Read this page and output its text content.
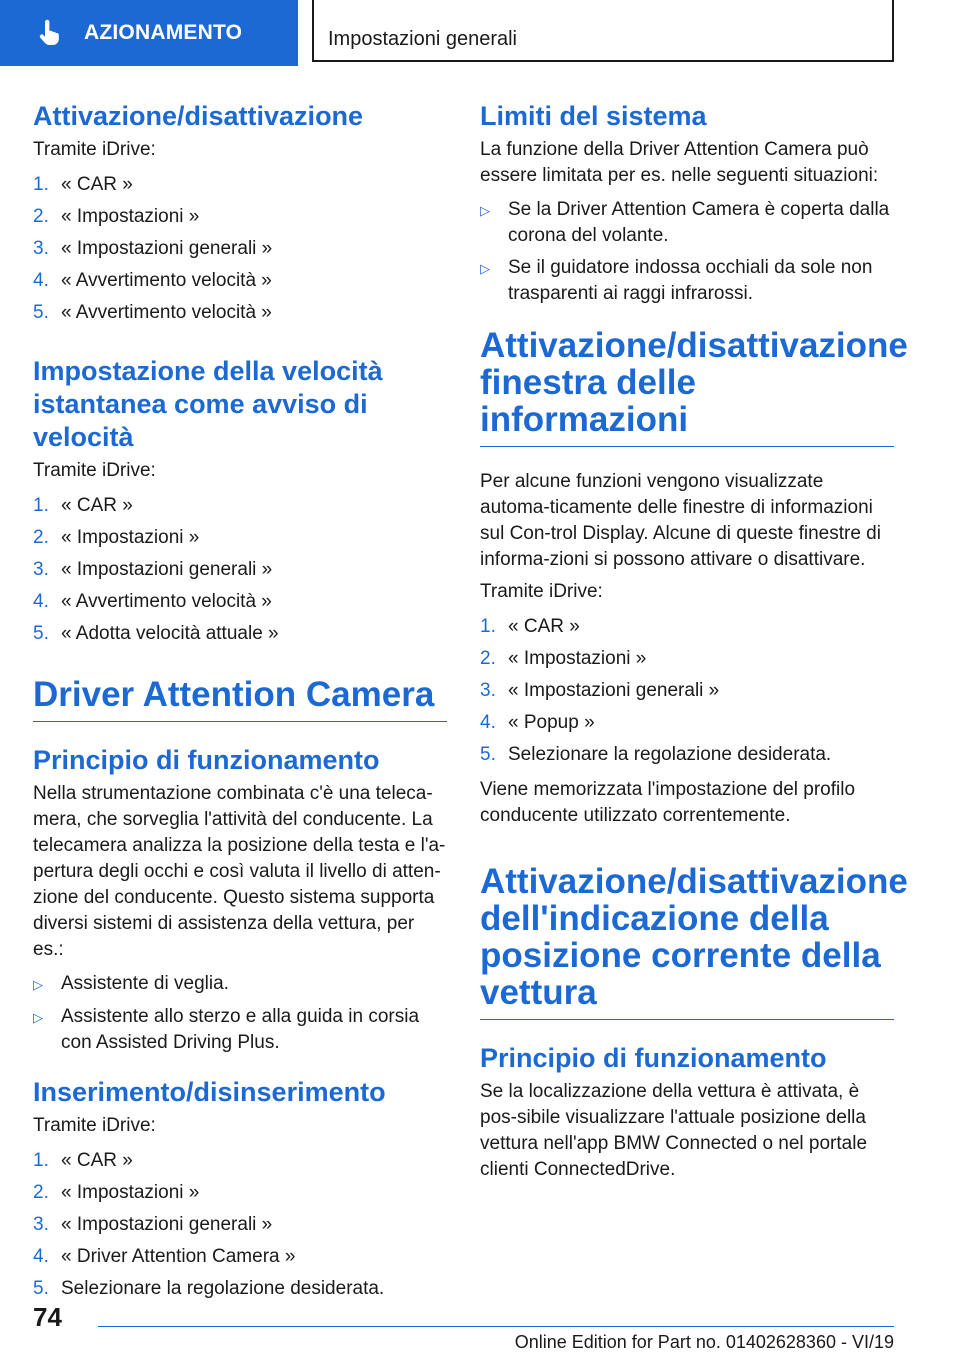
AZIONAMENTO	Impostazioni generali
Attivazione/disattivazione

Tramite iDrive:

1. « CAR »
2. « Impostazioni »
3. « Impostazioni generali »
4. « Avvertimento velocità »
5. « Avvertimento velocità »
Impostazione della velocità istantanea come avviso di velocità

Tramite iDrive:

1. « CAR »
2. « Impostazioni »
3. « Impostazioni generali »
4. « Avvertimento velocità »
5. « Adotta velocità attuale »
Driver Attention Camera
Principio di funzionamento

Nella strumentazione combinata c'è una teleca‐mera, che sorveglia l'attività del conducente. La telecamera analizza la posizione della testa e l'a‐pertura degli occhi e così valuta il livello di atten‐zione del conducente. Questo sistema supporta diversi sistemi di assistenza della vettura, per es.:

▷ Assistente di veglia.
▷ Assistente allo sterzo e alla guida in corsia con Assisted Driving Plus.
Inserimento/disinserimento

Tramite iDrive:

1. « CAR »
2. « Impostazioni »
3. « Impostazioni generali »
4. « Driver Attention Camera »
5. Selezionare la regolazione desiderata.
Limiti del sistema

La funzione della Driver Attention Camera può essere limitata per es. nelle seguenti situazioni:

▷ Se la Driver Attention Camera è coperta dalla corona del volante.
▷ Se il guidatore indossa occhiali da sole non trasparenti ai raggi infrarossi.
Attivazione/disattivazione finestra delle informazioni

Per alcune funzioni vengono visualizzate automa‐ticamente delle finestre di informazioni sul Con‐trol Display. Alcune di queste finestre di informa‐zioni si possono attivare o disattivare.

Tramite iDrive:

1. « CAR »
2. « Impostazioni »
3. « Impostazioni generali »
4. « Popup »
5. Selezionare la regolazione desiderata.

Viene memorizzata l'impostazione del profilo conducente utilizzato correntemente.

Attivazione/disattivazione dell'indicazione della posizione corrente della vettura
Principio di funzionamento

Se la localizzazione della vettura è attivata, è pos‐sibile visualizzare l'attuale posizione della vettura nell'app BMW Connected o nel portale clienti ConnectedDrive.

74
Online Edition for Part no. 01402628360 - VI/19
